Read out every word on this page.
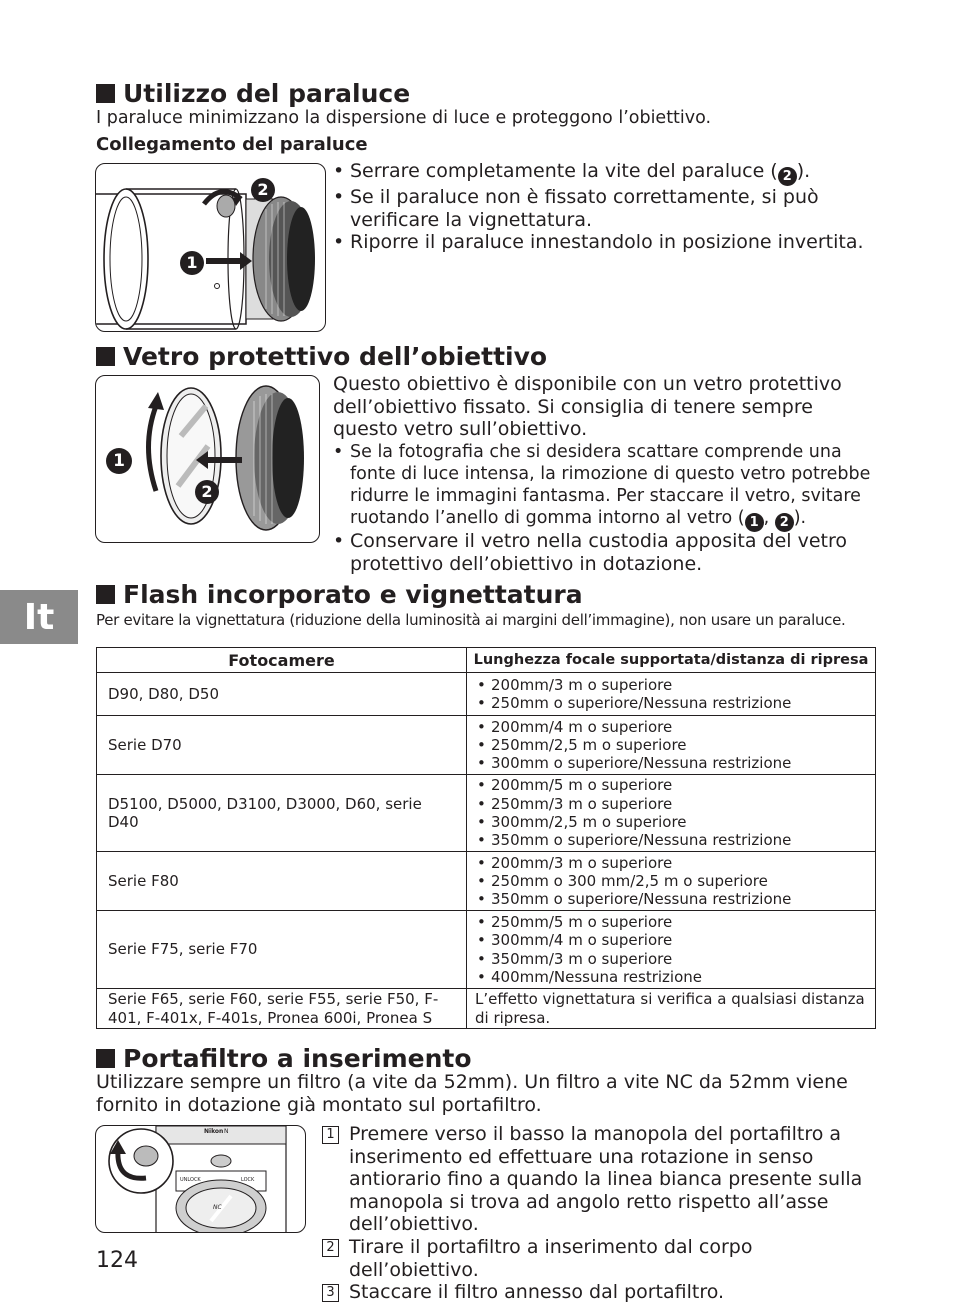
It
Utilizzo del paraluce
I paraluce minimizzano la dispersione di luce e proteggono l’obiettivo.
Collegamento del paraluce
2
1
• Serrare completamente la vite del paraluce ( 2 ).
• Se il paraluce non è fissato correttamente, si può verificare la vignettatura.
• Riporre il paraluce innestandolo in posizione invertita.
Vetro protettivo dell’obiettivo
1
2
Questo obiettivo è disponibile con un vetro protettivo dell’obiettivo fissato. Si consiglia di tenere sempre questo vetro sull’obiettivo.
• Se la fotografia che si desidera scattare comprende una fonte di luce intensa, la rimozione di questo vetro potrebbe ridurre le immagini fantasma. Per staccare il vetro, svitare ruotando l’anello di gomma intorno al vetro ( 1 , 2 ).
• Conservare il vetro nella custodia apposita del vetro protettivo dell’obiettivo in dotazione.
Flash incorporato e vignettatura
Per evitare la vignettatura (riduzione della luminosità ai margini dell’immagine), non usare un paraluce.
Fotocamere	Lunghezza focale supportata/distanza di ripresa
D90, D80, D50	• 200mm/3 m o superiore
• 250mm o superiore/Nessuna restrizione

Serie D70	• 200mm/4 m o superiore
• 250mm/2,5 m o superiore
• 300mm o superiore/Nessuna restrizione

D5100, D5000, D3100, D3000, D60, serie D40	• 200mm/5 m o superiore
• 250mm/3 m o superiore
• 300mm/2,5 m o superiore
• 350mm o superiore/Nessuna restrizione

Serie F80	• 200mm/3 m o superiore
• 250mm o 300 mm/2,5 m o superiore
• 350mm o superiore/Nessuna restrizione

Serie F75, serie F70	• 250mm/5 m o superiore
• 300mm/4 m o superiore
• 350mm/3 m o superiore
• 400mm/Nessuna restrizione

Serie F65, serie F60, serie F55, serie F50, F-401, F-401x, F-401s, Pronea 600i, Pronea S	L’effetto vignettatura si verifica a qualsiasi distanza di ripresa.
Portafiltro a inserimento
Utilizzare sempre un filtro (a vite da 52mm). Un filtro a vite NC da 52mm viene fornito in dotazione già montato sul portafiltro.
Nikon N
UNLOCK	LOCK
NC
1 Premere verso il basso la manopola del portafiltro a inserimento ed effettuare una rotazione in senso antiorario fino a quando la linea bianca presente sulla manopola si trova ad angolo retto rispetto all’asse dell’obiettivo.
2 Tirare il portafiltro a inserimento dal corpo dell’obiettivo.
3 Staccare il filtro annesso dal portafiltro.
124
